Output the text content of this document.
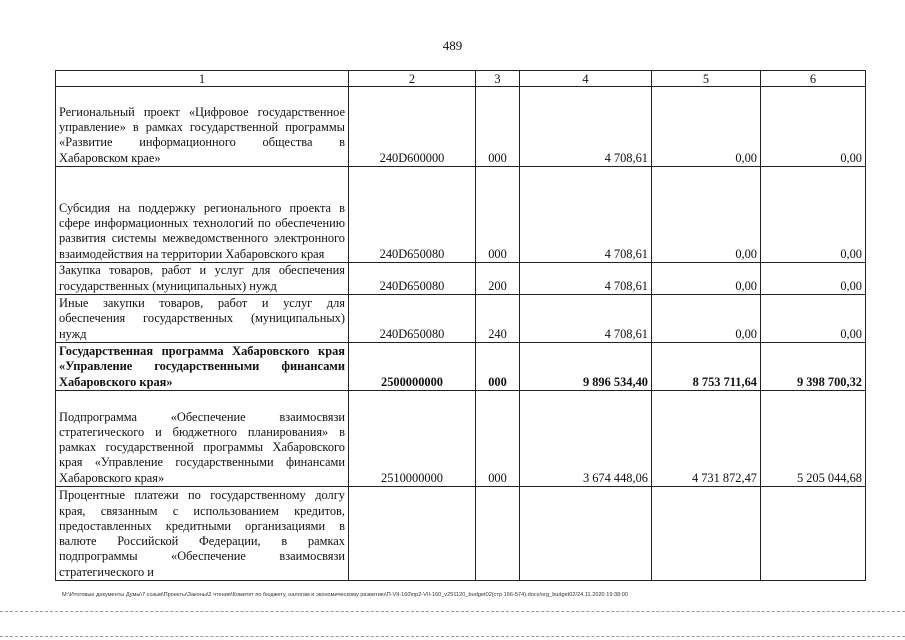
489
1	2	3	4	5	6
Региональный проект «Цифровое государственное управление» в рамках государственной программы «Развитие информационного общества в Хабаровском крае»	240D600000	000	4 708,61	0,00	0,00
Субсидия на поддержку регионального проекта в сфере информационных технологий по обеспечению развития системы межведомственного электронного взаимодействия на территории Хабаровского края	240D650080	000	4 708,61	0,00	0,00
Закупка товаров, работ и услуг для обеспечения государственных (муниципальных) нужд	240D650080	200	4 708,61	0,00	0,00
Иные закупки товаров, работ и услуг для обеспечения государственных (муниципальных) нужд	240D650080	240	4 708,61	0,00	0,00
Государственная программа Хабаровского края «Управление государственными финансами Хабаровского края»	2500000000	000	9 896 534,40	8 753 711,64	9 398 700,32
Подпрограмма «Обеспечение взаимосвязи стратегического и бюджетного планирования» в рамках государственной программы Хабаровского края «Управление государственными финансами Хабаровского края»	2510000000	000	3 674 448,06	4 731 872,47	5 205 044,68
Процентные платежи по государственному долгу края, связанным с использованием кредитов, предоставленных кредитными организациями в валюте Российской Федерации, в рамках подпрограммы «Обеспечение взаимосвязи стратегического и					
M:\Итоговые документы Думы\7 созыв\Проекты\Законы\2 чтение\Комитет по бюджету, налогам и экономическому развитию\П-VII-160\пр2-VII-160_v251120_budget02(стр 166-574).docx/org_budget02/24.11.2020 19:38:00
